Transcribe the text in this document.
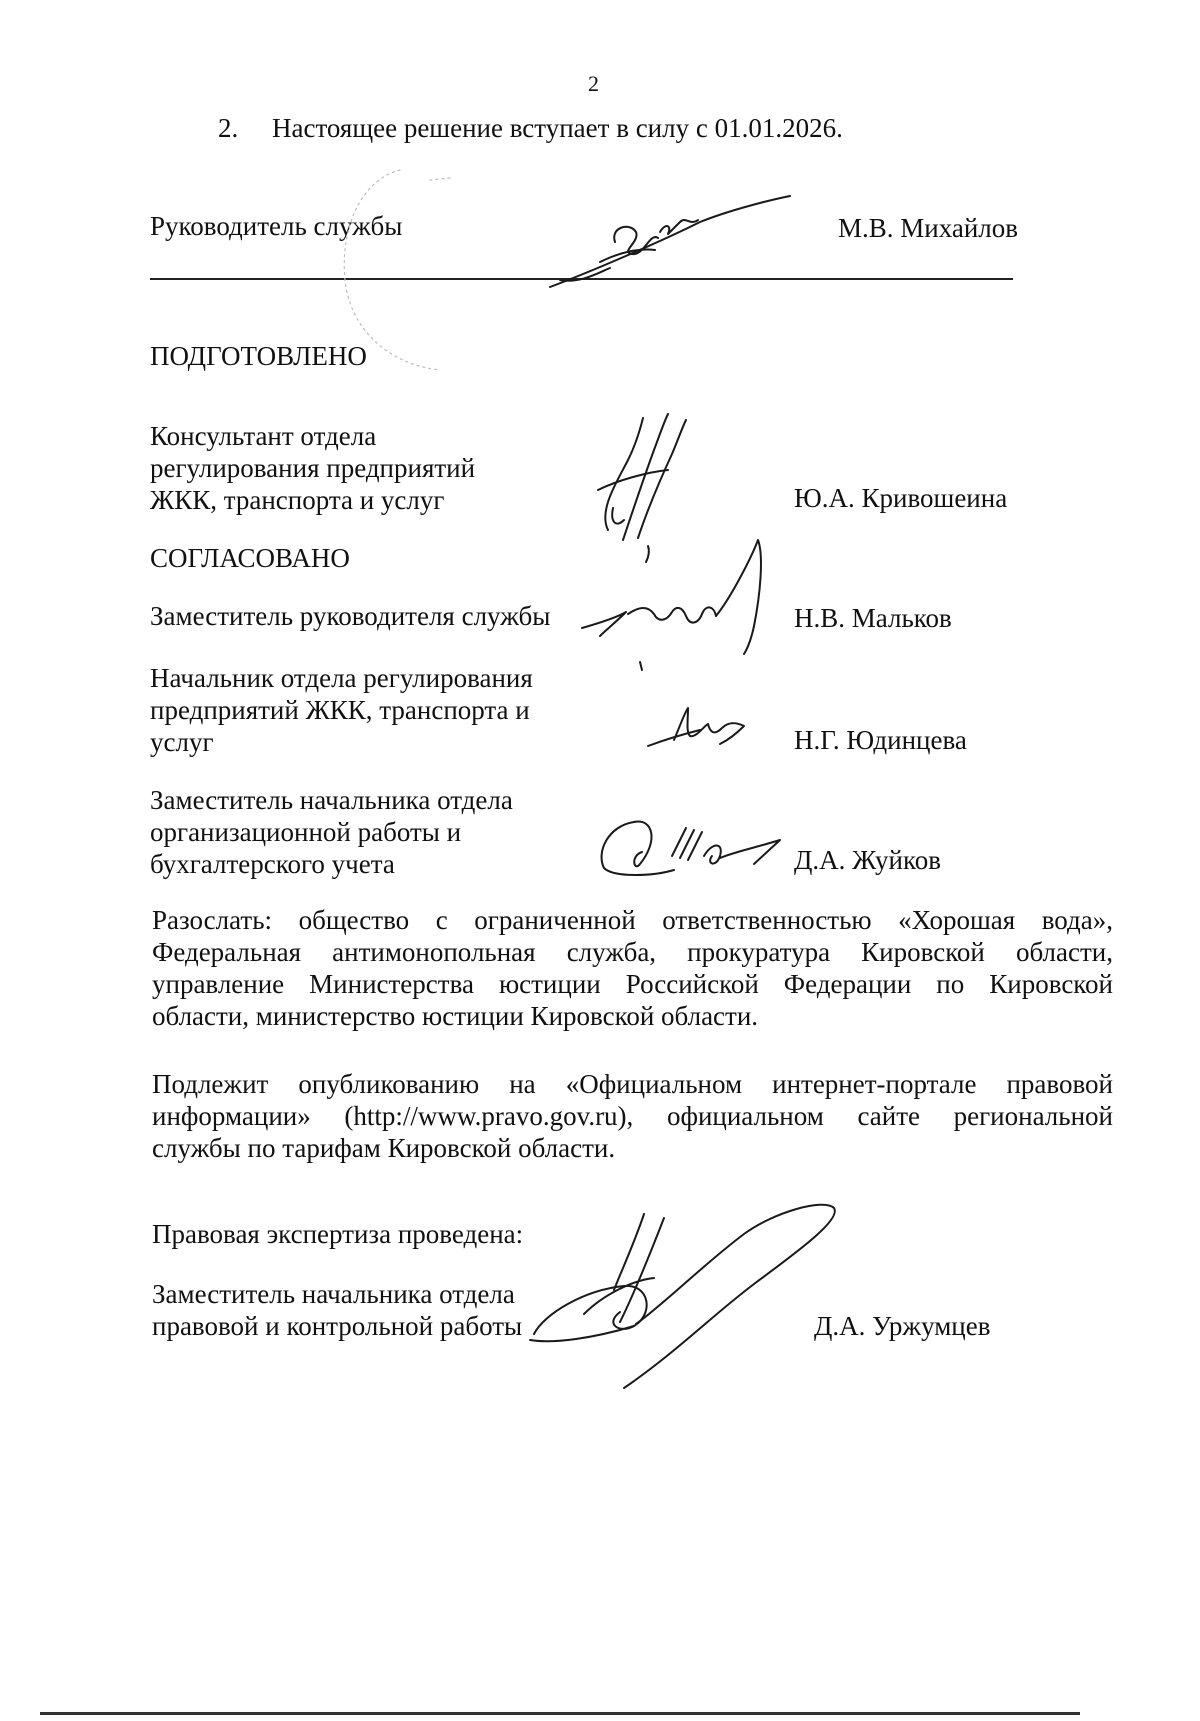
2
2. Настоящее решение вступает в силу с 01.01.2026.
Руководитель службы	М.В. Михайлов
ПОДГОТОВЛЕНО
Консультант отдела
регулирования предприятий
ЖКК, транспорта и услуг	Ю.А. Кривошеина
СОГЛАСОВАНО
Заместитель руководителя службы	Н.В. Мальков
Начальник отдела регулирования
предприятий ЖКК, транспорта и
услуг	Н.Г. Юдинцева
Заместитель начальника отдела
организационной работы и
бухгалтерского учета	Д.А. Жуйков
Разослать: общество с ограниченной ответственностью «Хорошая вода»,
Федеральная антимонопольная служба, прокуратура Кировской области,
управление Министерства юстиции Российской Федерации по Кировской
области, министерство юстиции Кировской области.
Подлежит опубликованию на «Официальном интернет-портале правовой
информации» (http://www.pravo.gov.ru), официальном сайте региональной
службы по тарифам Кировской области.
Правовая экспертиза проведена:
Заместитель начальника отдела
правовой и контрольной работы	Д.А. Уржумцев
